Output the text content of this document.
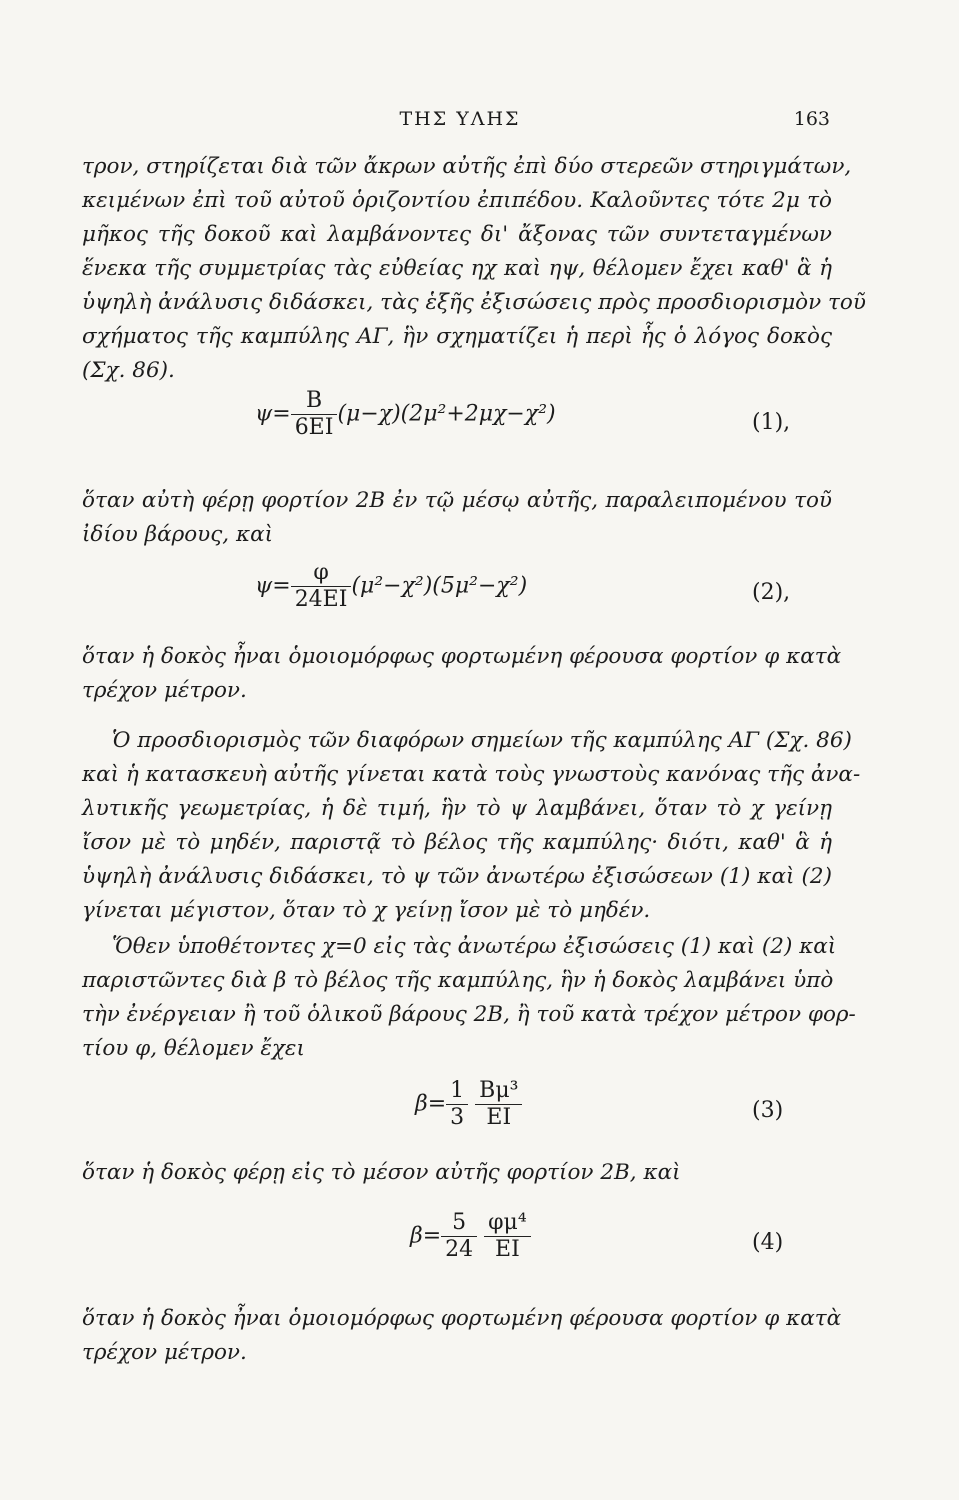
ΤΗΣ ΥΛΗΣ	163
τρον, στηρίζεται διὰ τῶν ἄκρων αὐτῆς ἐπὶ δύο στερεῶν στηριγμάτων,
κειμένων ἐπὶ τοῦ αὐτοῦ ὁριζοντίου ἐπιπέδου. Καλοῦντες τότε 2μ τὸ
μῆκος τῆς δοκοῦ καὶ λαμβάνοντες δι' ἄξονας τῶν συντεταγμένων
ἕνεκα τῆς συμμετρίας τὰς εὐθείας ηχ καὶ ηψ, θέλομεν ἔχει καθ' ἃ ἡ
ὑψηλὴ ἀνάλυσις διδάσκει, τὰς ἑξῆς ἐξισώσεις πρὸς προσδιορισμὸν τοῦ
σχήματος τῆς καμπύλης ΑΓ, ἣν σχηματίζει ἡ περὶ ἧς ὁ λόγος δοκὸς
(Σχ. 86).
$\psi= \frac{B}{6EI} (\mu-\chi)(2\mu^2+2\mu\chi-\chi^2)$	(1),
ὅταν αὐτὴ φέρῃ φορτίον 2B ἐν τῷ μέσῳ αὐτῆς, παραλειπομένου τοῦ
ἰδίου βάρους, καὶ
$\psi= \frac{\varphi}{24EI} (\mu^2-\chi^2)(5\mu^2-\chi^2)$	(2),
ὅταν ἡ δοκὸς ἦναι ὁμοιομόρφως φορτωμένη φέρουσα φορτίον φ κατὰ
τρέχον μέτρον.
Ὁ προσδιορισμὸς τῶν διαφόρων σημείων τῆς καμπύλης ΑΓ (Σχ. 86)
καὶ ἡ κατασκευὴ αὐτῆς γίνεται κατὰ τοὺς γνωστοὺς κανόνας τῆς ἀνα-
λυτικῆς γεωμετρίας, ἡ δὲ τιμή, ἣν τὸ ψ λαμβάνει, ὅταν τὸ χ γείνῃ
ἴσον μὲ τὸ μηδέν, παριστᾷ τὸ βέλος τῆς καμπύλης· διότι, καθ' ἃ ἡ
ὑψηλὴ ἀνάλυσις διδάσκει, τὸ ψ τῶν ἀνωτέρω ἐξισώσεων (1) καὶ (2)
γίνεται μέγιστον, ὅταν τὸ χ γείνῃ ἴσον μὲ τὸ μηδέν.
Ὅθεν ὑποθέτοντες χ=0 εἰς τὰς ἀνωτέρω ἐξισώσεις (1) καὶ (2) καὶ
παριστῶντες διὰ β τὸ βέλος τῆς καμπύλης, ἣν ἡ δοκὸς λαμβάνει ὑπὸ
τὴν ἐνέργειαν ἢ τοῦ ὁλικοῦ βάρους 2B, ἢ τοῦ κατὰ τρέχον μέτρον φορ-
τίου φ, θέλομεν ἔχει
$\beta= \frac{1}{3}$
$\frac{\text{Bμ³}}{EI}$	(3)
ὅταν ἡ δοκὸς φέρῃ εἰς τὸ μέσον αὐτῆς φορτίον 2B, καὶ
$\beta= \frac{5}{24}$
$\frac{\text{φμ⁴}}{EI}$	(4)
ὅταν ἡ δοκὸς ἦναι ὁμοιομόρφως φορτωμένη φέρουσα φορτίον φ κατὰ
τρέχον μέτρον.
